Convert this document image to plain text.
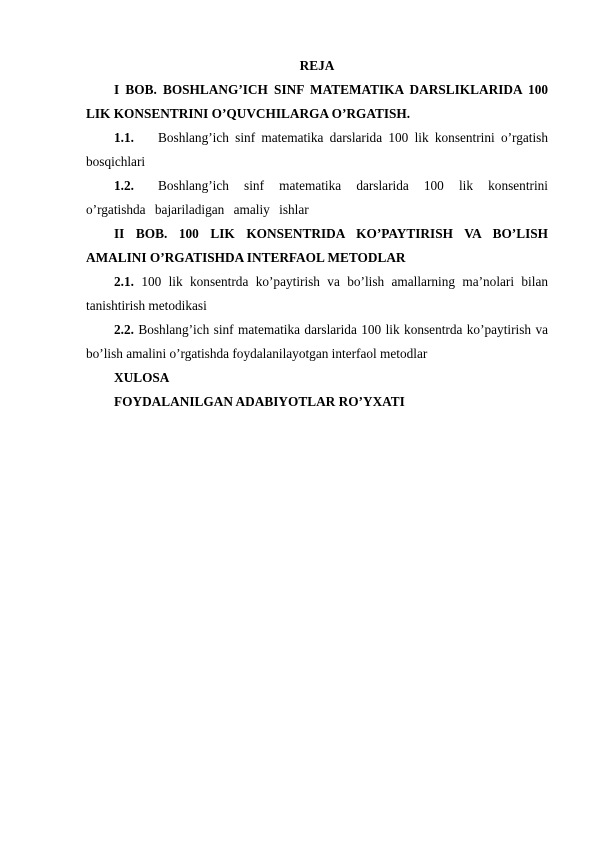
REJA

I BOB. BOSHLANG’ICH SINF MATEMATIKA DARSLIKLARIDA 100 LIK KONSENTRINI O’QUVCHILARGA O’RGATISH.

1.1. Boshlang’ich sinf matematika darslarida 100 lik konsentrini o’rgatish bosqichlari

1.2. Boshlang’ich sinf matematika darslarida 100 lik konsentrini o’rgatishda bajariladigan amaliy ishlar

II BOB. 100 LIK KONSENTRIDA KO’PAYTIRISH VA BO’LISH AMALINI O’RGATISHDA INTERFAOL METODLAR

2.1. 100 lik konsentrda ko’paytirish va bo’lish amallarning ma’nolari bilan tanishtirish metodikasi

2.2. Boshlang’ich sinf matematika darslarida 100 lik konsentrda ko’paytirish va bo’lish amalini o’rgatishda foydalanilayotgan interfaol metodlar

XULOSA

FOYDALANILGAN ADABIYOTLAR RO’YXATI
